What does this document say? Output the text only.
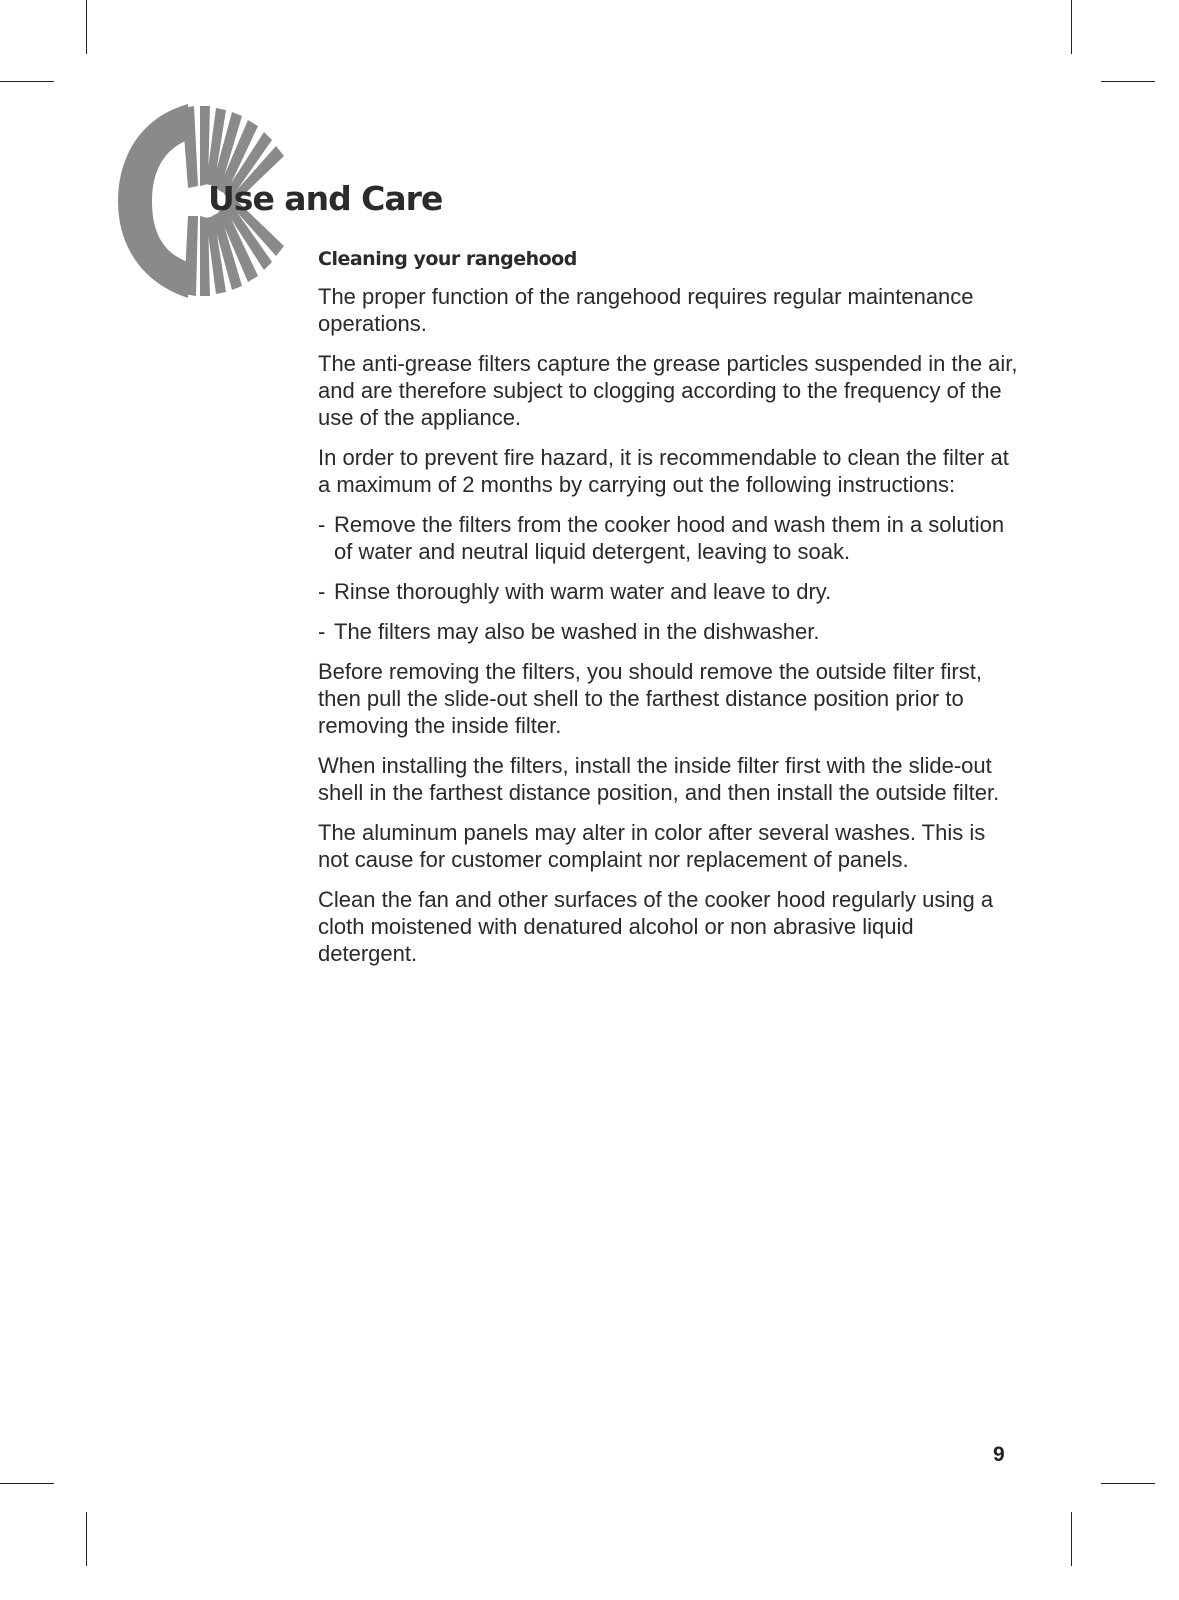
Use and Care
Cleaning your rangehood

The proper function of the rangehood requires regular maintenance operations.

The anti-grease filters capture the grease particles suspended in the air, and are therefore subject to clogging according to the frequency of the use of the appliance.

In order to prevent fire hazard, it is recommendable to clean the filter at a maximum of 2 months by carrying out the following instructions:

- Remove the filters from the cooker hood and wash them in a solution of water and neutral liquid detergent, leaving to soak.
- Rinse thoroughly with warm water and leave to dry.
- The filters may also be washed in the dishwasher.

Before removing the filters, you should remove the outside filter first, then pull the slide-out shell to the farthest distance position prior to removing the inside filter.

When installing the filters, install the inside filter first with the slide-out shell in the farthest distance position, and then install the outside filter.

The aluminum panels may alter in color after several washes. This is not cause for customer complaint nor replacement of panels.

Clean the fan and other surfaces of the cooker hood regularly using a cloth moistened with denatured alcohol or non abrasive liquid detergent.

9
